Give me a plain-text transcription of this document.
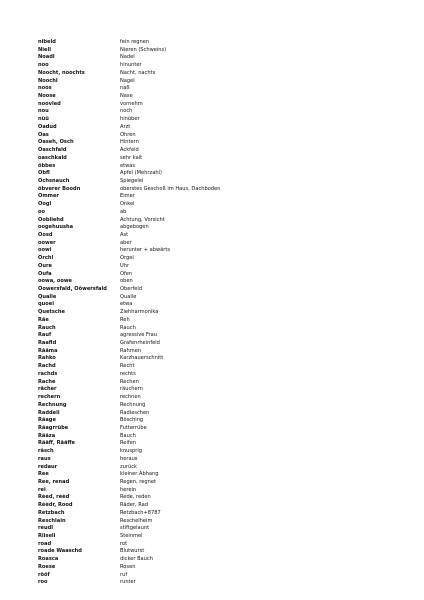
nibeld	fein regnen
Niell	Nieren (Schweins)
Noadl	Nadel
noo	hinunter
Noocht, noochts	Nacht, nachts
Noochl	Nagel
noos	naß
Noose	Nase
noovled	vornehm
nou	noch
nüü	hinüber
Oadud	Arzt
Oas	Ohren
Oaseh, Osch	Hintern
Oaschfald	Ackfeld
oaschkald	sehr kalt
öbbes	etwas
Öbfl	Äpfel (Mehrzahl)
Ochsnauch	Spiegelei
öbverer Boodn	oberstes Geschoß im Haus, Dachboden
Ömmer	Eimer
Oogl	Onkel
oo	ab
Oobliehd	Achtung, Vorsicht
oogehuusha	abgebogen
Oosd	Ast
oower	aber
oowi	herunter + abwärts
Orchl	Orgel
Oure	Uhr
Oufa	Ofen
oowa, oowe	oben
Oowersfald, Ööwersfald	Oberfeld
Qualle	Qualle
quoei	etwa
Quetsche	Ziehharmonika
Räe	Reh
Rauch	Rauch
Rauf	agressive Frau
Raafld	Grafenrheinfeld
Rååma	Rahmen
Rahko	Karzhauerschnitt
Rachd	Recht
rachds	rechts
Rache	Rechen
rächer	räuchern
rechern	rechnen
Rechnung	Rechnung
Raddeli	Radieschen
Räage	Bösching
Räagrrübe	Futterrübe
Rääza	Bauch
Rääff, Rääffe	Reifen
räsch	knusprig
raus	heraus
redaur	zurück
Ree	kleiner Abhang
Ree, renad	Regen, regnet
rei	herein
Rèèd, rèèd	Rede, reden
Rèèdr, Rood	Räder, Rad
Retzbach	Retzbach+8787
Reschlain	Reschelheim
reudl	stiftgelaunt
Riiseli	Steinmel
road	rot
roade Waaschd	Blutwurst
Roasca	dicker Bauch
Roese	Rosen
rööf	ruf
roo	runter
